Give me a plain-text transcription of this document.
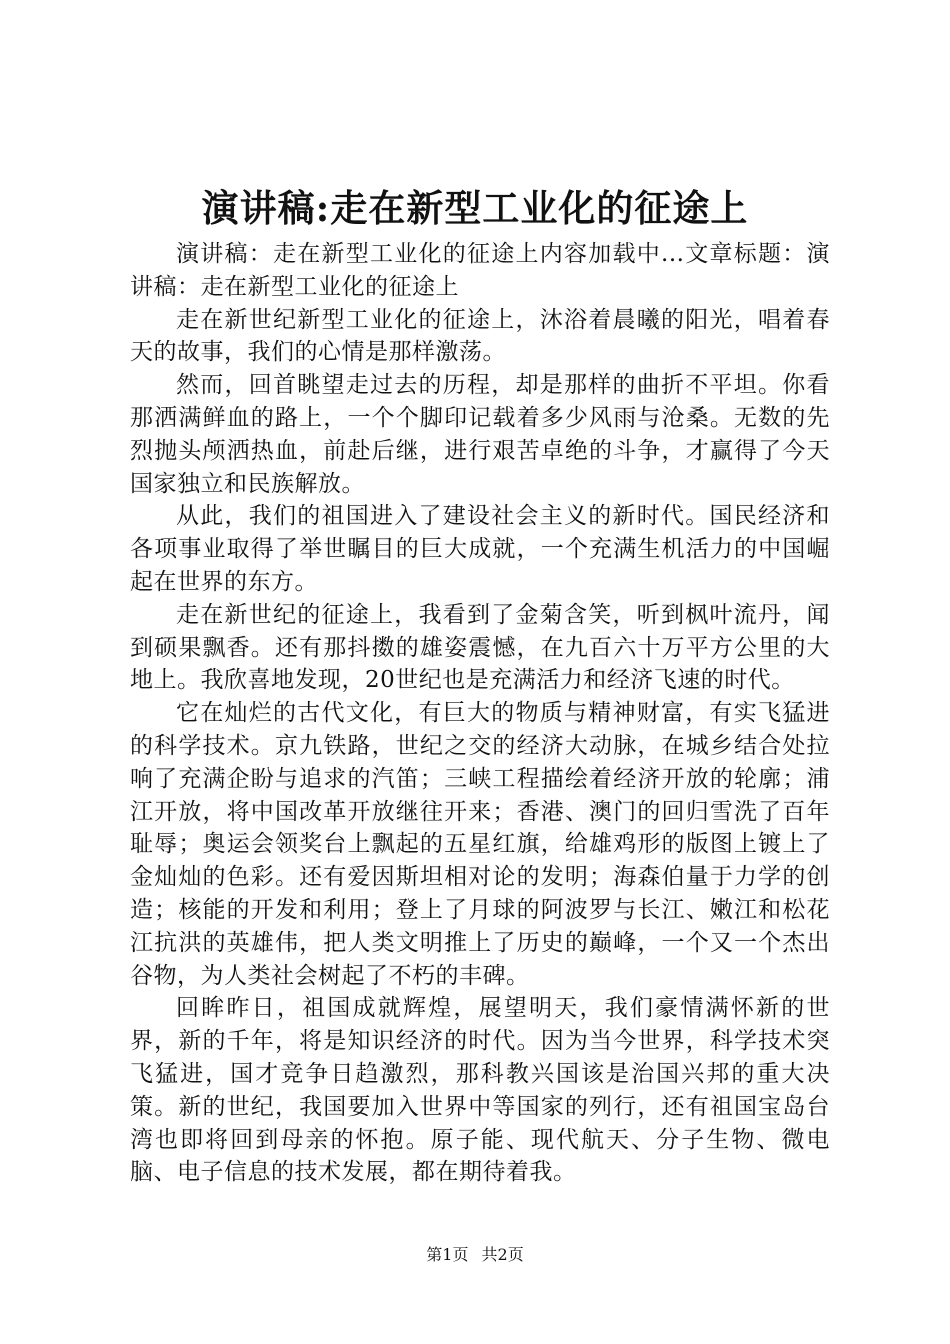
演讲稿:走在新型工业化的征途上

演讲稿：走在新型工业化的征途上内容加载中...文章标题：演讲稿：走在新型工业化的征途上

走在新世纪新型工业化的征途上，沐浴着晨曦的阳光，唱着春天的故事，我们的心情是那样激荡。

然而，回首眺望走过去的历程，却是那样的曲折不平坦。你看那洒满鲜血的路上，一个个脚印记载着多少风雨与沧桑。无数的先烈抛头颅洒热血，前赴后继，进行艰苦卓绝的斗争，才赢得了今天国家独立和民族解放。

从此，我们的祖国进入了建设社会主义的新时代。国民经济和各项事业取得了举世瞩目的巨大成就，一个充满生机活力的中国崛起在世界的东方。

走在新世纪的征途上，我看到了金菊含笑，听到枫叶流丹，闻到硕果飘香。还有那抖擞的雄姿震憾，在九百六十万平方公里的大地上。我欣喜地发现，20世纪也是充满活力和经济飞速的时代。

它在灿烂的古代文化，有巨大的物质与精神财富，有实飞猛进的科学技术。京九铁路，世纪之交的经济大动脉，在城乡结合处拉响了充满企盼与追求的汽笛；三峡工程描绘着经济开放的轮廓；浦江开放，将中国改革开放继往开来；香港、澳门的回归雪洗了百年耻辱；奥运会领奖台上飘起的五星红旗，给雄鸡形的版图上镀上了金灿灿的色彩。还有爱因斯坦相对论的发明；海森伯量于力学的创造；核能的开发和利用；登上了月球的阿波罗与长江、嫩江和松花江抗洪的英雄伟，把人类文明推上了历史的巅峰，一个又一个杰出谷物，为人类社会树起了不朽的丰碑。

回眸昨日，祖国成就辉煌，展望明天，我们豪情满怀新的世界，新的千年，将是知识经济的时代。因为当今世界，科学技术突飞猛进，国才竞争日趋激烈，那科教兴国该是治国兴邦的重大决策。新的世纪，我国要加入世界中等国家的列行，还有祖国宝岛台湾也即将回到母亲的怀抱。原子能、现代航天、分子生物、微电脑、电子信息的技术发展，都在期待着我。

第1页 共2页
